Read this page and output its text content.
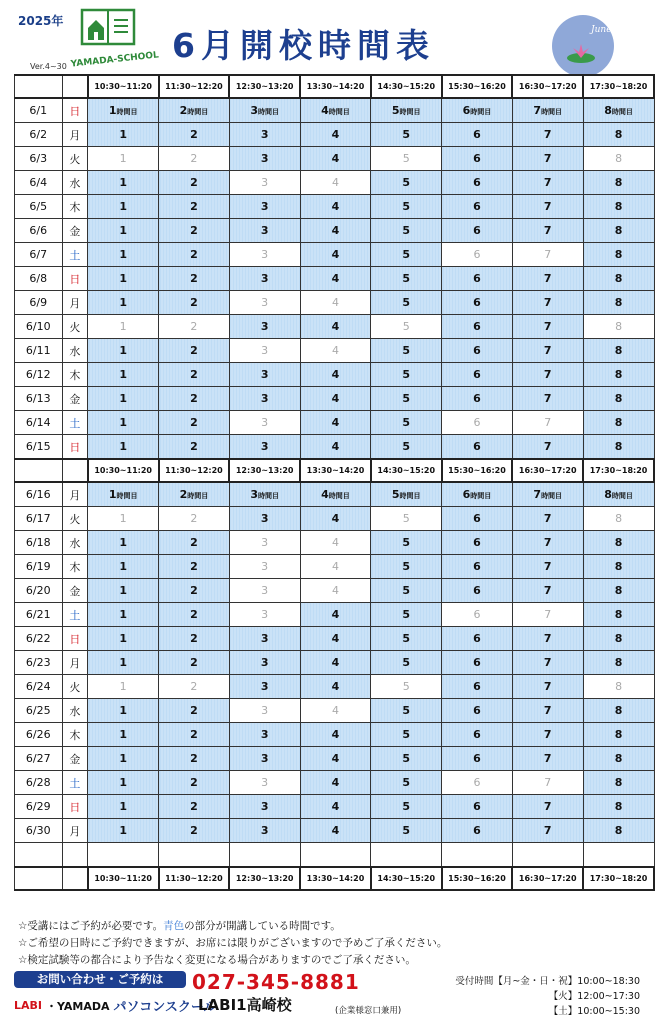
2025年
YAMADA-SCHOOL
Ver.4~30
6月開校時間表	June
		10:30~11:20	11:30~12:20	12:30~13:20	13:30~14:20	14:30~15:20	15:30~16:20	16:30~17:20	17:30~18:20
6/1	日	1時間目	2時間目	3時間目	4時間目	5時間目	6時間目	7時間目	8時間目
6/2	月	1	2	3	4	5	6	7	8
6/3	火	1	2	3	4	5	6	7	8
6/4	水	1	2	3	4	5	6	7	8
6/5	木	1	2	3	4	5	6	7	8
6/6	金	1	2	3	4	5	6	7	8
6/7	土	1	2	3	4	5	6	7	8
6/8	日	1	2	3	4	5	6	7	8
6/9	月	1	2	3	4	5	6	7	8
6/10	火	1	2	3	4	5	6	7	8
6/11	水	1	2	3	4	5	6	7	8
6/12	木	1	2	3	4	5	6	7	8
6/13	金	1	2	3	4	5	6	7	8
6/14	土	1	2	3	4	5	6	7	8
6/15	日	1	2	3	4	5	6	7	8
		10:30~11:20	11:30~12:20	12:30~13:20	13:30~14:20	14:30~15:20	15:30~16:20	16:30~17:20	17:30~18:20
6/16	月	1時間目	2時間目	3時間目	4時間目	5時間目	6時間目	7時間目	8時間目
6/17	火	1	2	3	4	5	6	7	8
6/18	水	1	2	3	4	5	6	7	8
6/19	木	1	2	3	4	5	6	7	8
6/20	金	1	2	3	4	5	6	7	8
6/21	土	1	2	3	4	5	6	7	8
6/22	日	1	2	3	4	5	6	7	8
6/23	月	1	2	3	4	5	6	7	8
6/24	火	1	2	3	4	5	6	7	8
6/25	水	1	2	3	4	5	6	7	8
6/26	木	1	2	3	4	5	6	7	8
6/27	金	1	2	3	4	5	6	7	8
6/28	土	1	2	3	4	5	6	7	8
6/29	日	1	2	3	4	5	6	7	8
6/30	月	1	2	3	4	5	6	7	8

		10:30~11:20	11:30~12:20	12:30~13:20	13:30~14:20	14:30~15:20	15:30~16:20	16:30~17:20	17:30~18:20
☆受講にはご予約が必要です。青色の部分が開講している時間です。
☆ご希望の日時にご予約できますが、お席には限りがございますので予めご了承ください。
☆検定試験等の都合により予告なく変更になる場合がありますのでご了承ください。
お問い合わせ・ご予約は	027-345-8881
LABI ・YAMADA パソコンスクール
LABI1高崎校	(企業様窓口兼用)
受付時間【月~金・日・祝】10:00~18:30
【火】12:00~17:30
【土】10:00~15:30
